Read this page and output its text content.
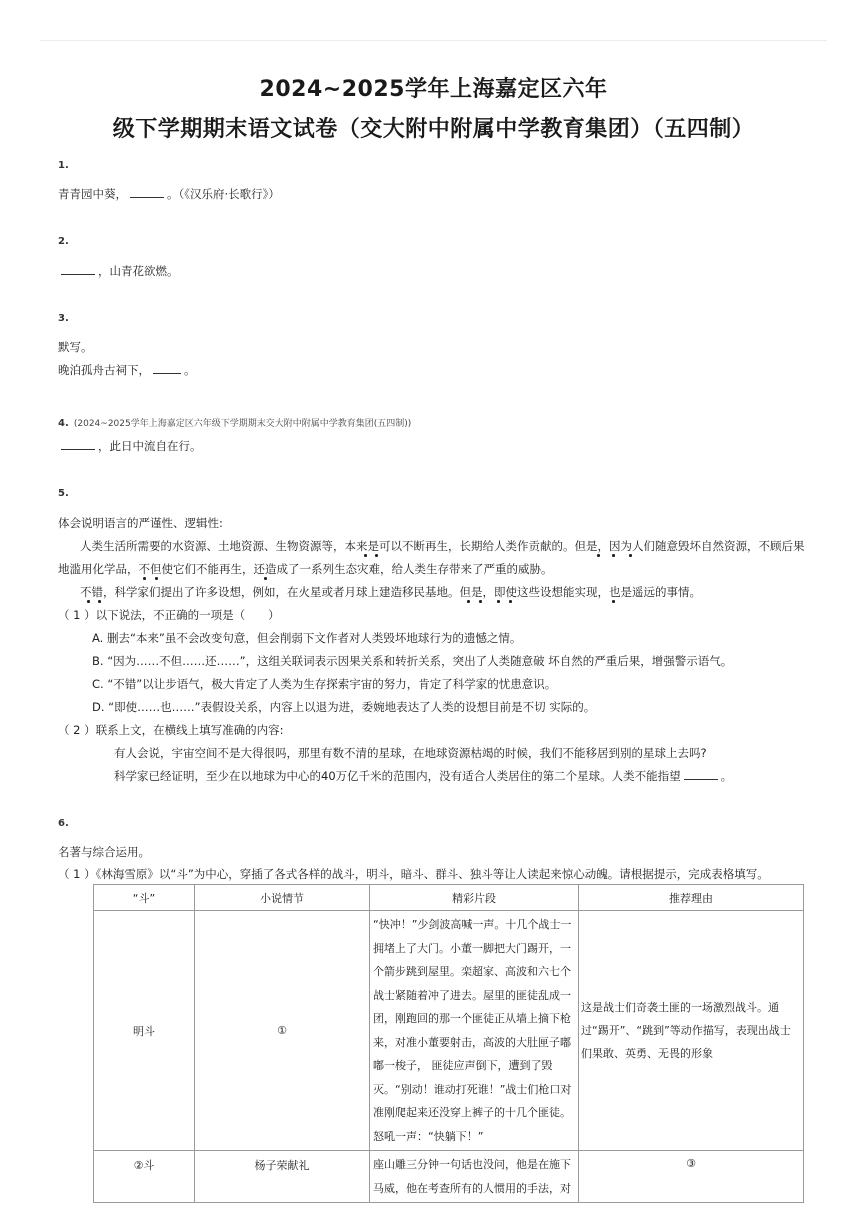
2024~2025学年上海嘉定区六年
级下学期期末语文试卷（交大附中附属中学教育集团）（五四制）
1.
青青园中葵，	。（《汉乐府·长歌行》）
2.
，山青花欲燃。
3.
默写。
晚泊孤舟古祠下，	。
4. (2024~2025学年上海嘉定区六年级下学期期末交大附中附属中学教育集团(五四制))
，此日中流自在行。
5.
体会说明语言的严谨性、逻辑性:
人类生活所需要的水资源、土地资源、生物资源等，本来是可以不断再生，长期给人类作贡献的。但是，因为人们随意毁坏自然资源，不顾后果
地滥用化学品，不但使它们不能再生，还造成了一系列生态灾难，给人类生存带来了严重的威胁。
不错，科学家们提出了许多设想，例如，在火星或者月球上建造移民基地。但是，即使这些设想能实现，也是遥远的事情。
（ 1 ）以下说法，不正确的一项是（　　）
A. 删去“本来”虽不会改变句意，但会削弱下文作者对人类毁坏地球行为的遗憾之情。
B. “因为……不但……还……”，这组关联词表示因果关系和转折关系，突出了人类随意破 坏自然的严重后果，增强警示语气。
C. “不错”以让步语气，极大肯定了人类为生存探索宇宙的努力，肯定了科学家的忧患意识。
D. “即使……也……”表假设关系，内容上以退为进，委婉地表达了人类的设想目前是不切 实际的。
（ 2 ）联系上文，在横线上填写准确的内容:
有人会说，宇宙空间不是大得很吗，那里有数不清的星球，在地球资源枯竭的时候，我们不能移居到别的星球上去吗?
科学家已经证明，至少在以地球为中心的40万亿千米的范围内，没有适合人类居住的第二个星球。人类不能指望	。
6.
名著与综合运用。
（ 1 ）《林海雪原》以“斗”为中心，穿插了各式各样的战斗，明斗，暗斗、群斗、独斗等让人读起来惊心动魄。请根据提示，完成表格填写。
“斗”	小说情节	精彩片段	推荐理由
明斗	①	“快冲！”少剑波高喊一声。十几个战士一拥堵上了大门。小董一脚把大门踢开，一个箭步跳到屋里。栾超家、高波和六七个战士紧随着冲了进去。屋里的匪徒乱成一团，刚跑回的那一个匪徒正从墙上摘下枪来，对准小董要射击，高波的大肚匣子嘟嘟一梭子， 匪徒应声倒下，遭到了毁灭。“别动！谁动打死谁！”战士们枪口对准刚爬起来还没穿上裤子的十几个匪徒。怒吼一声：“快躺下！”	这是战士们奇袭土匪的一场激烈战斗。通过“踢开”、“跳到”等动作描写，表现出战士们果敢、英勇、无畏的形象
②斗	杨子荣献礼	座山雕三分钟一句话也没问，他是在施下马威，他在考查所有的人惯用的手法，对	③
